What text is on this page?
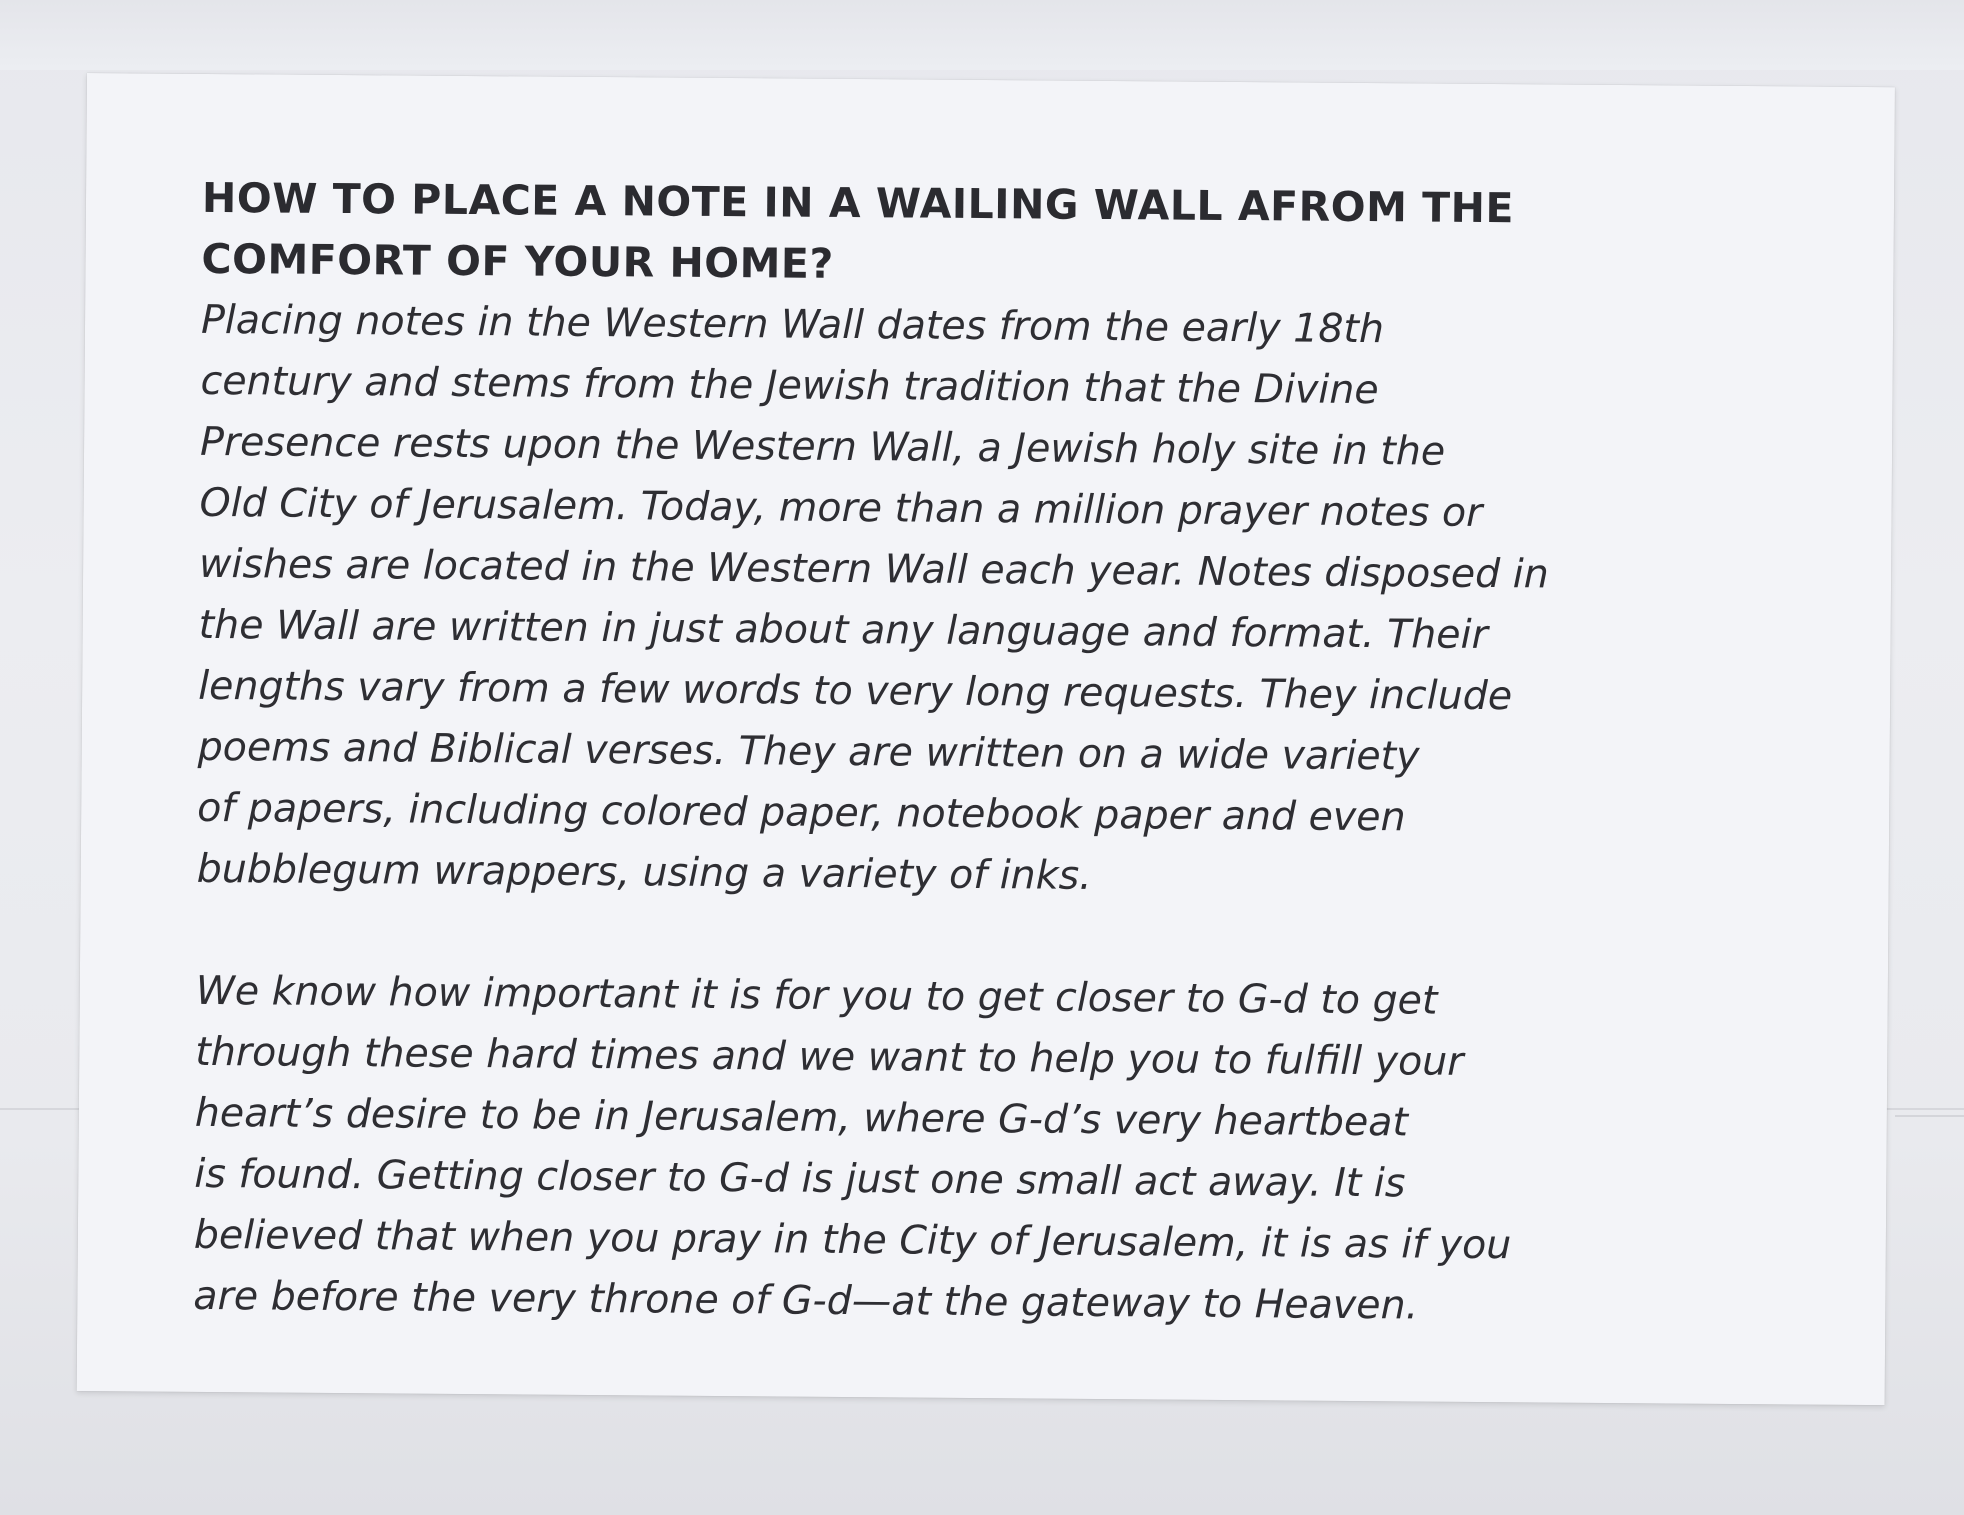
HOW TO PLACE A NOTE IN A WAILING WALL AFROM THE
COMFORT OF YOUR HOME?

Placing notes in the Western Wall dates from the early 18th
century and stems from the Jewish tradition that the Divine
Presence rests upon the Western Wall, a Jewish holy site in the
Old City of Jerusalem. Today, more than a million prayer notes or
wishes are located in the Western Wall each year. Notes disposed in
the Wall are written in just about any language and format. Their
lengths vary from a few words to very long requests. They include
poems and Biblical verses. They are written on a wide variety
of papers, including colored paper, notebook paper and even
bubblegum wrappers, using a variety of inks.

We know how important it is for you to get closer to G-d to get
through these hard times and we want to help you to fulfill your
heart’s desire to be in Jerusalem, where G-d’s very heartbeat
is found. Getting closer to G-d is just one small act away. It is
believed that when you pray in the City of Jerusalem, it is as if you
are before the very throne of G-d—at the gateway to Heaven.
